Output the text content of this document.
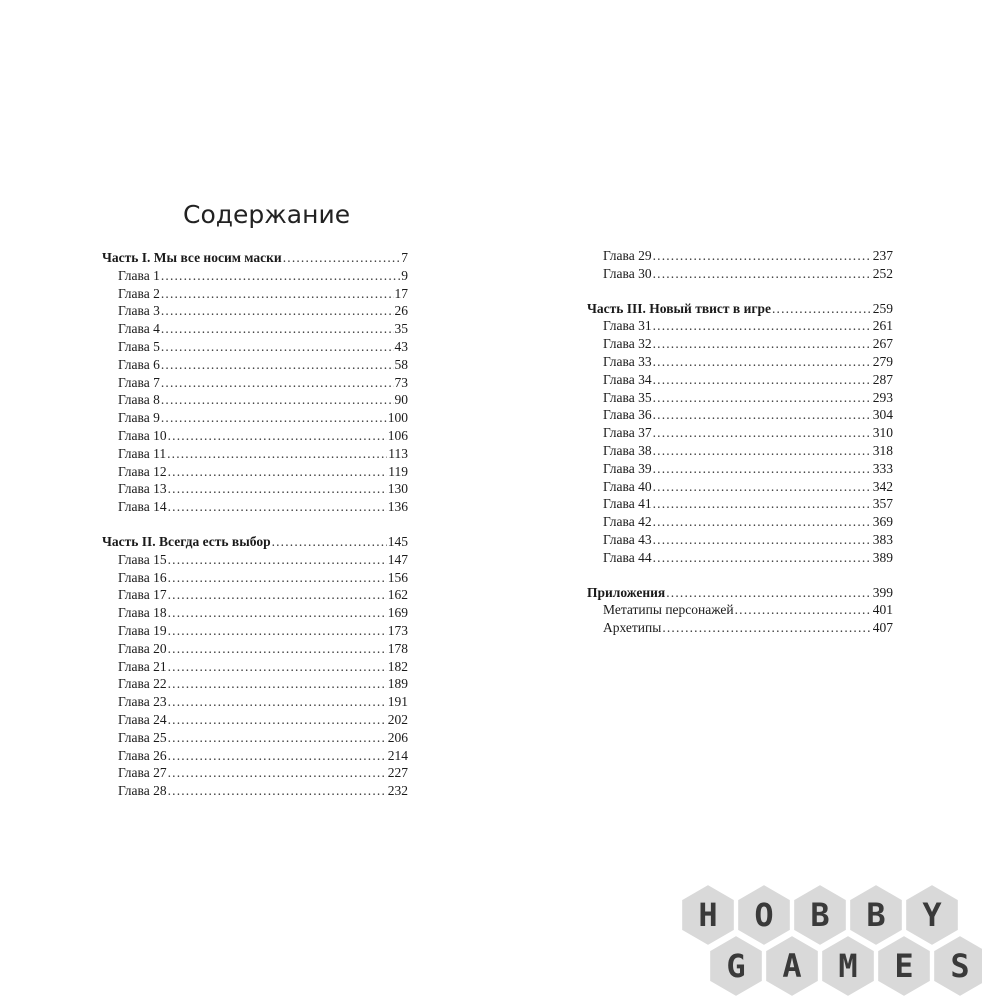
Содержание
Часть I. Мы все носим маски . . .	7
Глава 1 . . .	9
Глава 2 . . .	17
Глава 3 . . .	26
Глава 4 . . .	35
Глава 5 . . .	43
Глава 6 . . .	58
Глава 7 . . .	73
Глава 8 . . .	90
Глава 9 . . .	100
Глава 10 . . .	106
Глава 11 . . .	113
Глава 12 . . .	119
Глава 13 . . .	130
Глава 14 . . .	136
Часть II. Всегда есть выбор . . .	145
Глава 15 . . .	147
Глава 16 . . .	156
Глава 17 . . .	162
Глава 18 . . .	169
Глава 19 . . .	173
Глава 20 . . .	178
Глава 21 . . .	182
Глава 22 . . .	189
Глава 23 . . .	191
Глава 24 . . .	202
Глава 25 . . .	206
Глава 26 . . .	214
Глава 27 . . .	227
Глава 28 . . .	232
Глава 29 . . .	237
Глава 30 . . .	252
Часть III. Новый твист в игре . . .	259
Глава 31 . . .	261
Глава 32 . . .	267
Глава 33 . . .	279
Глава 34 . . .	287
Глава 35 . . .	293
Глава 36 . . .	304
Глава 37 . . .	310
Глава 38 . . .	318
Глава 39 . . .	333
Глава 40 . . .	342
Глава 41 . . .	357
Глава 42 . . .	369
Глава 43 . . .	383
Глава 44 . . .	389
Приложения . . .	399
Метатипы персонажей . . .	401
Архетипы . . .	407
H O B B Y
G A M E S
